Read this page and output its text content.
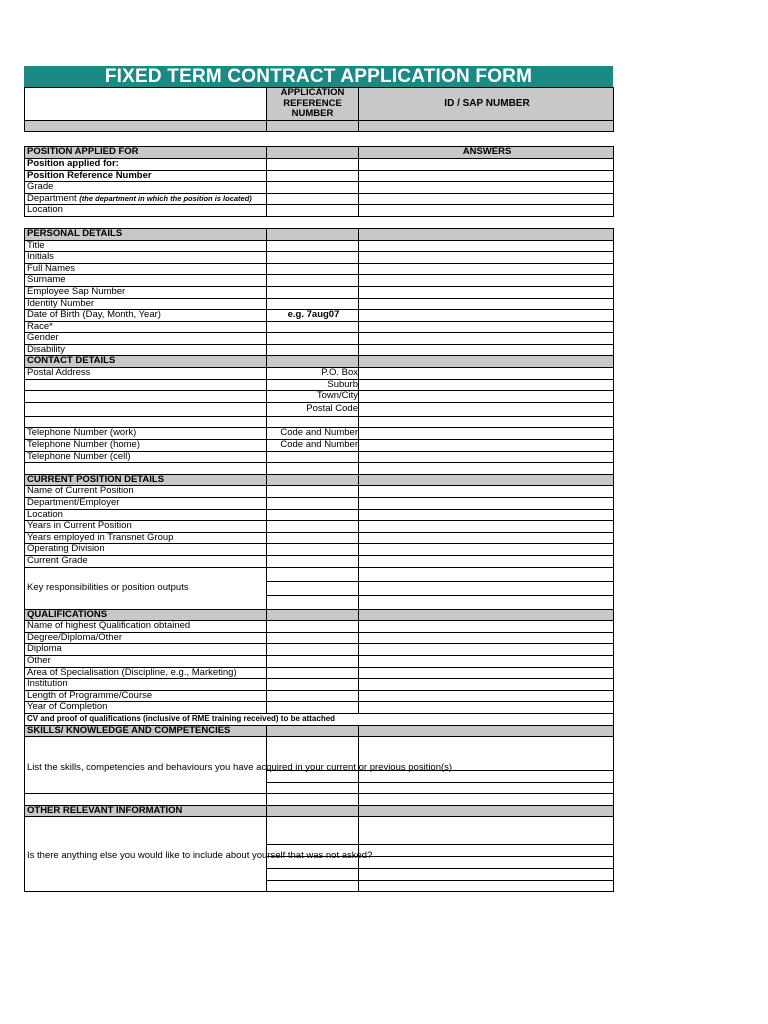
FIXED TERM CONTRACT APPLICATION FORM
	APPLICATION REFERENCE NUMBER	ID / SAP NUMBER

POSITION APPLIED FOR		ANSWERS
Position applied for:		
Position Reference Number		
Grade		
Department (the department in which the position is located)		
Location		
PERSONAL DETAILS		
Title		
Initials		
Full Names		
Surname		
Employee Sap Number		
Identity Number		
Date of Birth (Day, Month, Year)	e.g. 7aug07	
Race*		
Gender		
Disability		
CONTACT DETAILS		
Postal Address	P.O. Box	
	Suburb	
	Town/City	
	Postal Code	

Telephone Number (work)	Code and Number	
Telephone Number (home)	Code and Number	
Telephone Number (cell)		

CURRENT POSITION DETAILS		
Name of Current Position		
Department/Employer		
Location		
Years in Current Position		
Years employed in Transnet Group		
Operating Division		
Current Grade		
Key responsibilities or position outputs		

QUALIFICATIONS		
Name of highest Qualification obtained		
Degree/Diploma/Other		
Diploma		
Other		
Area of Specialisation (Discipline, e.g., Marketing)		
Institution		
Length of Programme/Course		
Year of Completion		
CV and proof of qualifications (inclusive of RME training received) to be attached		
SKILLS/ KNOWLEDGE AND COMPETENCIES		
List the skills, competencies and behaviours you have acquired in your current or previous position(s)		

OTHER RELEVANT INFORMATION		
Is there anything else you would like to include about yourself that was not asked?		
